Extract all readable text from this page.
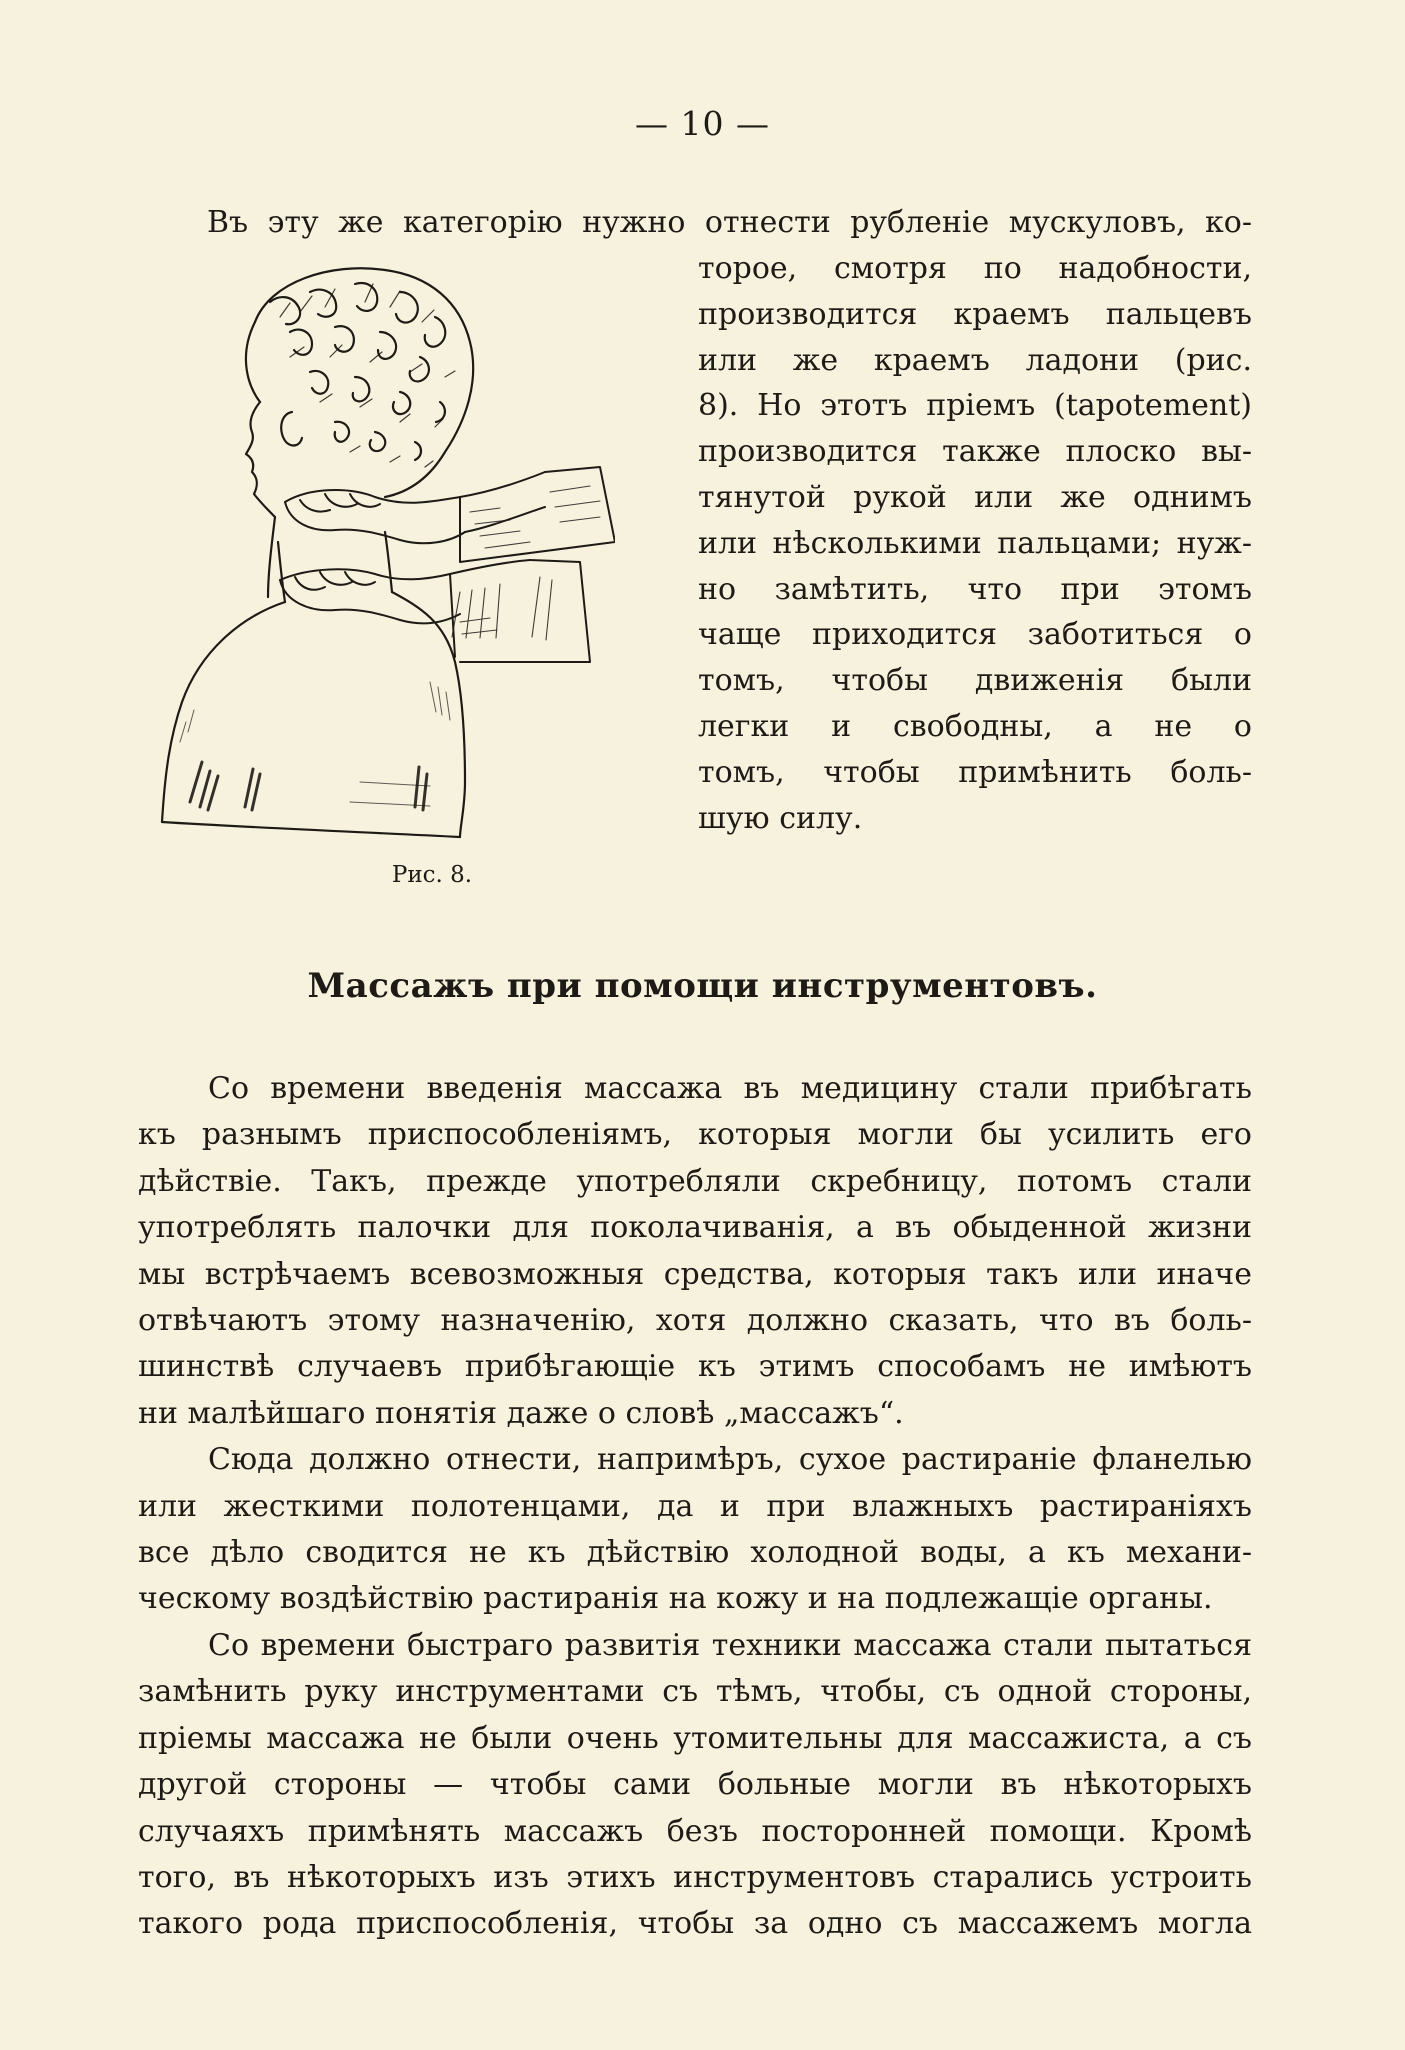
— 10 —
Въ эту же категорію нужно отнести рубленіе мускуловъ, ко-
торое, смотря по надобности,
производится краемъ пальцевъ
или же краемъ ладони (рис.
8). Но этотъ пріемъ (tapotement)
производится также плоско вы-
тянутой рукой или же однимъ
или нѣсколькими пальцами; нуж-
но замѣтить, что при этомъ
чаще приходится заботиться о
томъ, чтобы движенія были
легки и свободны, а не о
томъ, чтобы примѣнить боль-
шую силу.
Рис. 8.
Массажъ при помощи инструментовъ.
Со времени введенія массажа въ медицину стали прибѣгать
къ разнымъ приспособленіямъ, которыя могли бы усилить его
дѣйствіе. Такъ, прежде употребляли скребницу, потомъ стали
употреблять палочки для поколачиванія, а въ обыденной жизни
мы встрѣчаемъ всевозможныя средства, которыя такъ или иначе
отвѣчаютъ этому назначенію, хотя должно сказать, что въ боль-
шинствѣ случаевъ прибѣгающіе къ этимъ способамъ не имѣютъ
ни малѣйшаго понятія даже о словѣ „массажъ“.
Сюда должно отнести, напримѣръ, сухое растираніе фланелью
или жесткими полотенцами, да и при влажныхъ растираніяхъ
все дѣло сводится не къ дѣйствію холодной воды, а къ механи-
ческому воздѣйствію растиранія на кожу и на подлежащіе органы.
Со времени быстраго развитія техники массажа стали пытаться
замѣнить руку инструментами съ тѣмъ, чтобы, съ одной стороны,
пріемы массажа не были очень утомительны для массажиста, а съ
другой стороны — чтобы сами больные могли въ нѣкоторыхъ
случаяхъ примѣнять массажъ безъ посторонней помощи. Кромѣ
того, въ нѣкоторыхъ изъ этихъ инструментовъ старались устроить
такого рода приспособленія, чтобы за одно съ массажемъ могла
